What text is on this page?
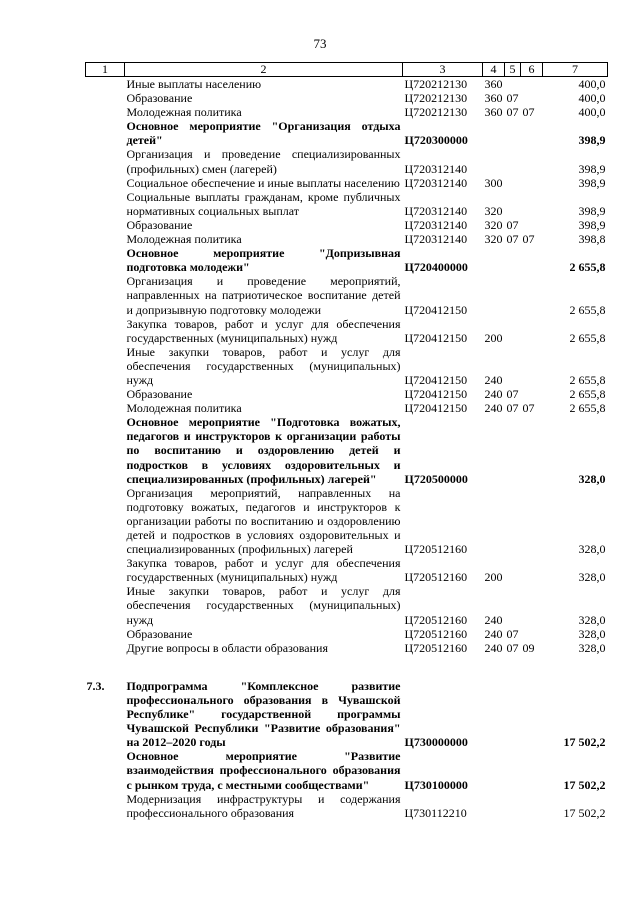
73
1	2	3	4	5	6	7
	Иные выплаты населению	Ц720212130	360			400,0
	Образование	Ц720212130	360	07		400,0
	Молодежная политика	Ц720212130	360	07	07	400,0
	Основное мероприятие "Организация отдыха детей"	Ц720300000				398,9
	Организация и проведение специализированных (профильных) смен (лагерей)	Ц720312140				398,9
	Социальное обеспечение и иные выплаты населению	Ц720312140	300			398,9
	Социальные выплаты гражданам, кроме публичных нормативных социальных выплат	Ц720312140	320			398,9
	Образование	Ц720312140	320	07		398,9
	Молодежная политика	Ц720312140	320	07	07	398,8
	Основное мероприятие "Допризывная подготовка молодежи"	Ц720400000				2 655,8
	Организация и проведение мероприятий, направленных на патриотическое воспитание детей и допризывную подготовку молодежи	Ц720412150				2 655,8
	Закупка товаров, работ и услуг для обеспечения государственных (муниципальных) нужд	Ц720412150	200			2 655,8
	Иные закупки товаров, работ и услуг для обеспечения государственных (муниципальных) нужд	Ц720412150	240			2 655,8
	Образование	Ц720412150	240	07		2 655,8
	Молодежная политика	Ц720412150	240	07	07	2 655,8
	Основное мероприятие "Подготовка вожатых, педагогов и инструкторов к организации работы по воспитанию и оздоровлению детей и подростков в условиях оздоровительных и специализированных (профильных) лагерей"	Ц720500000				328,0
	Организация мероприятий, направленных на подготовку вожатых, педагогов и инструкторов к организации работы по воспитанию и оздоровлению детей и подростков в условиях оздоровительных и специализированных (профильных) лагерей	Ц720512160				328,0
	Закупка товаров, работ и услуг для обеспечения государственных (муниципальных) нужд	Ц720512160	200			328,0
	Иные закупки товаров, работ и услуг для обеспечения государственных (муниципальных) нужд	Ц720512160	240			328,0
	Образование	Ц720512160	240	07		328,0
	Другие вопросы в области образования	Ц720512160	240	07	09	328,0

7.3.	Подпрограмма "Комплексное развитие профессионального образования в Чувашской Республике" государственной программы Чувашской Республики "Развитие образования" на 2012–2020 годы	Ц730000000				17 502,2
	Основное мероприятие "Развитие взаимодействия профессионального образования с рынком труда, с местными сообществами"	Ц730100000				17 502,2
	Модернизация инфраструктуры и содержания профессионального образования	Ц730112210				17 502,2
